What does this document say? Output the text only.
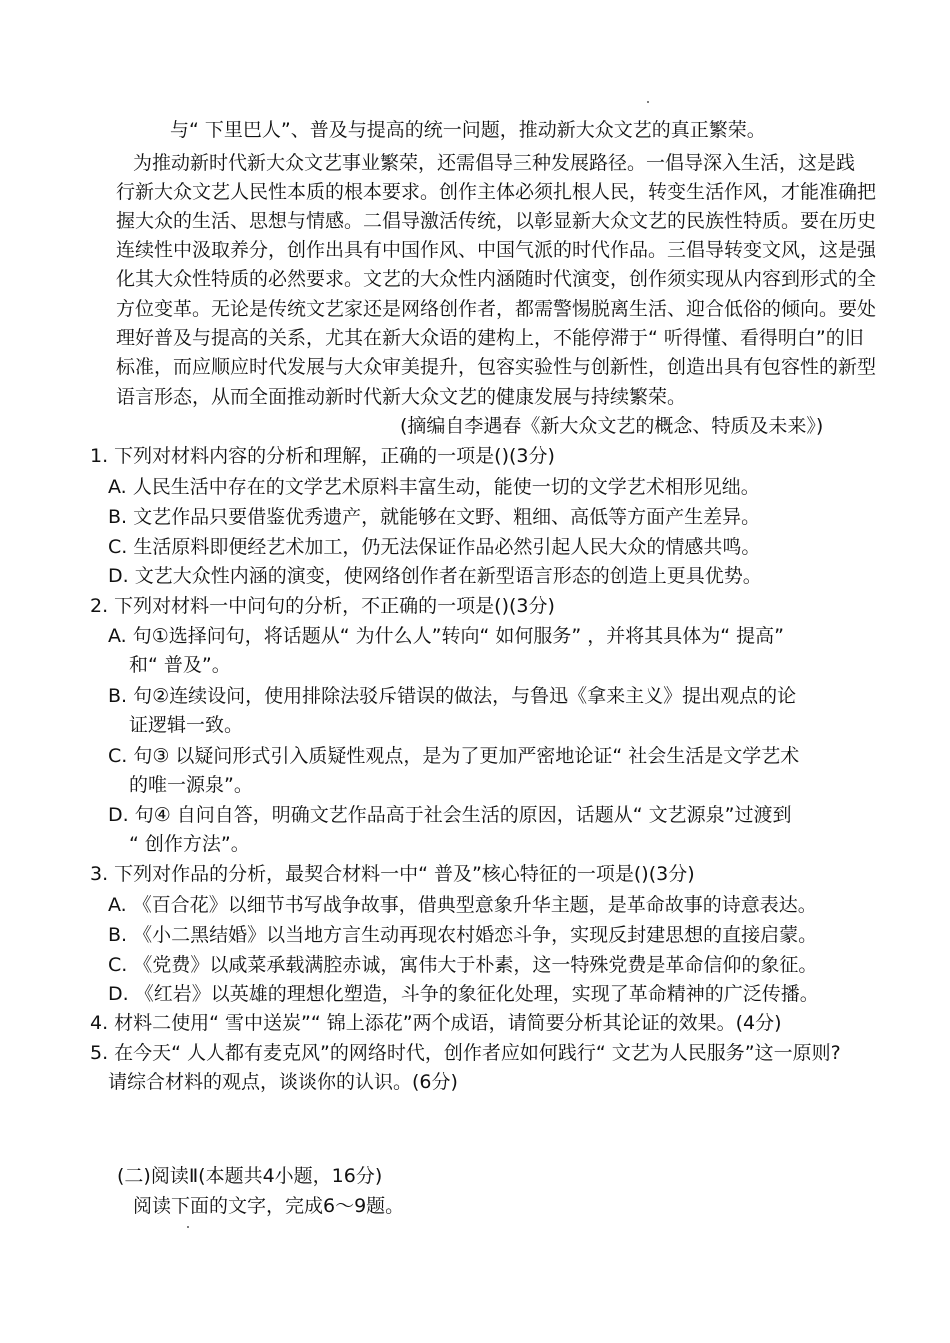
与“ 下里巴人”、普及与提高的统一问题，推动新大众文艺的真正繁荣。
为推动新时代新大众文艺事业繁荣，还需倡导三种发展路径。一倡导深入生活，这是践
行新大众文艺人民性本质的根本要求。创作主体必须扎根人民，转变生活作风，才能准确把
握大众的生活、思想与情感。二倡导激活传统，以彰显新大众文艺的民族性特质。要在历史
连续性中汲取养分，创作出具有中国作风、中国气派的时代作品。三倡导转变文风，这是强
化其大众性特质的必然要求。文艺的大众性内涵随时代演变，创作须实现从内容到形式的全
方位变革。无论是传统文艺家还是网络创作者，都需警惕脱离生活、迎合低俗的倾向。要处
理好普及与提高的关系，尤其在新大众语的建构上，不能停滞于“ 听得懂、看得明白”的旧
标准，而应顺应时代发展与大众审美提升，包容实验性与创新性，创造出具有包容性的新型
语言形态，从而全面推动新时代新大众文艺的健康发展与持续繁荣。
(摘编自李遇春《新大众文艺的概念、特质及未来》)
1. 下列对材料内容的分析和理解，正确的一项是()(3分)
A. 人民生活中存在的文学艺术原料丰富生动，能使一切的文学艺术相形见绌。
B. 文艺作品只要借鉴优秀遗产，就能够在文野、粗细、高低等方面产生差异。
C. 生活原料即便经艺术加工，仍无法保证作品必然引起人民大众的情感共鸣。
D. 文艺大众性内涵的演变，使网络创作者在新型语言形态的创造上更具优势。
2. 下列对材料一中问句的分析，不正确的一项是()(3分)
A. 句①选择问句，将话题从“ 为什么人”转向“ 如何服务” ，并将其具体为“ 提高”
和“ 普及”。
B. 句②连续设问，使用排除法驳斥错误的做法，与鲁迅《拿来主义》提出观点的论
证逻辑一致。
C. 句③ 以疑问形式引入质疑性观点，是为了更加严密地论证“ 社会生活是文学艺术
的唯一源泉”。
D. 句④ 自问自答，明确文艺作品高于社会生活的原因，话题从“ 文艺源泉”过渡到
“ 创作方法”。
3. 下列对作品的分析，最契合材料一中“ 普及”核心特征的一项是()(3分)
A. 《百合花》以细节书写战争故事，借典型意象升华主题，是革命故事的诗意表达。
B. 《小二黑结婚》以当地方言生动再现农村婚恋斗争，实现反封建思想的直接启蒙。
C. 《党费》以咸菜承载满腔赤诚，寓伟大于朴素，这一特殊党费是革命信仰的象征。
D. 《红岩》以英雄的理想化塑造，斗争的象征化处理，实现了革命精神的广泛传播。
4. 材料二使用“ 雪中送炭”“ 锦上添花”两个成语，请简要分析其论证的效果。(4分)
5. 在今天“ 人人都有麦克风”的网络时代，创作者应如何践行“ 文艺为人民服务”这一原则?
请综合材料的观点，谈谈你的认识。(6分)
(二)阅读Ⅱ(本题共4小题，16分)
阅读下面的文字，完成6～9题。
